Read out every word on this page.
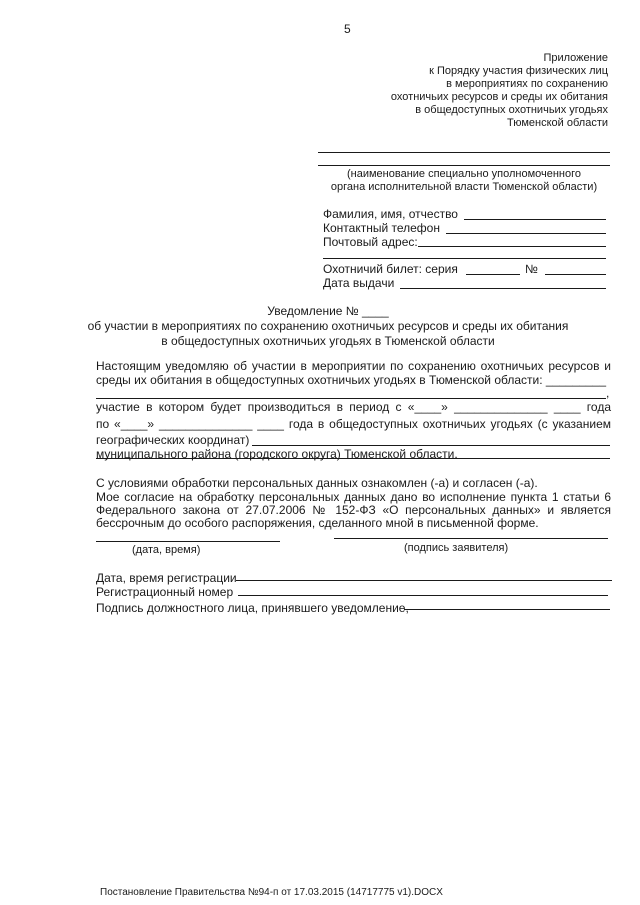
5
Приложение
к Порядку участия физических лиц
в мероприятиях по сохранению
охотничьих ресурсов и среды их обитания
в общедоступных охотничьих угодьях
Тюменской области
(наименование специально уполномоченного
органа исполнительной власти Тюменской области)
Фамилия, имя, отчество
Контактный телефон
Почтовый адрес:
Охотничий билет: серия	№
Дата выдачи
Уведомление № ____
об участии в мероприятиях по сохранению охотничьих ресурсов и среды их обитания
в общедоступных охотничьих угодьях в Тюменской области
Настоящим уведомляю об участии в мероприятии по сохранению охотничьих ресурсов и
среды их обитания в общедоступных охотничьих угодьях в Тюменской области: _________
,
участие в котором будет производиться в период с «____» ______________ ____ года
по «____» ______________ ____ года в общедоступных охотничьих угодьях (с указанием
географических координат)
муниципального района (городского округа) Тюменской области.
С условиями обработки персональных данных ознакомлен (-а) и согласен (-а).
Мое согласие на обработку персональных данных дано во исполнение пункта 1 статьи 6
Федерального закона от 27.07.2006 № 152-ФЗ «О персональных данных» и является
бессрочным до особого распоряжения, сделанного мной в письменной форме.
(дата, время)	(подпись заявителя)
Дата, время регистрации
Регистрационный номер
Подпись должностного лица, принявшего уведомление,
Постановление Правительства №94-п от 17.03.2015 (14717775 v1).DOCX
